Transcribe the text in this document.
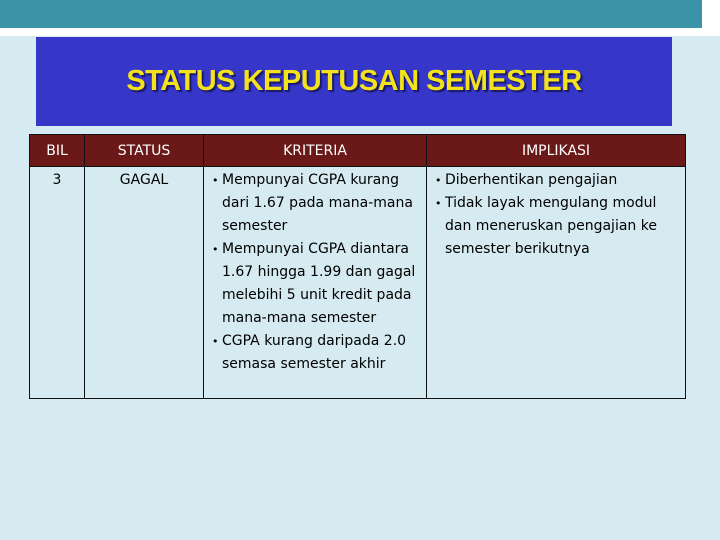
STATUS KEPUTUSAN SEMESTER
BIL	STATUS	KRITERIA	IMPLIKASI
3	GAGAL
•	Mempunyai CGPA kurang dari 1.67 pada mana-mana semester
• Mempunyai CGPA diantara 1.67 hingga 1.99 dan gagal melebihi 5 unit kredit pada mana-mana semester
• CGPA kurang daripada 2.0 semasa semester akhir
• Diberhentikan pengajian
• Tidak layak mengulang modul dan meneruskan pengajian ke semester berikutnya
